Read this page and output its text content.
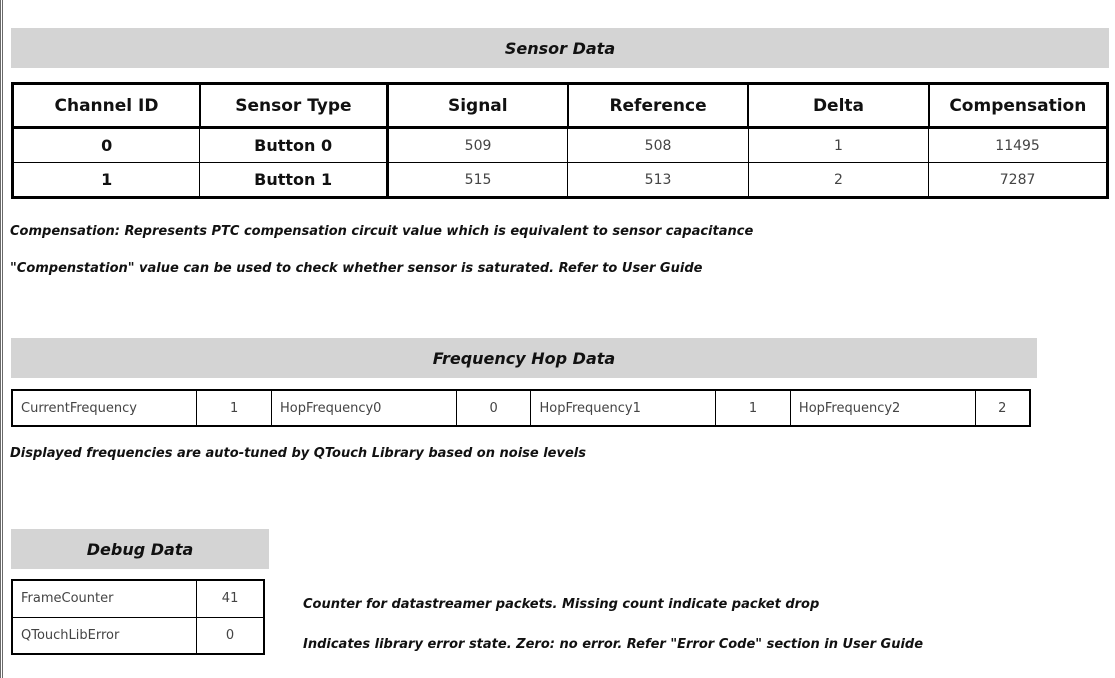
Sensor Data
Channel ID	Sensor Type	Signal	Reference	Delta	Compensation
0	Button 0	509	508	1	11495
1	Button 1	515	513	2	7287
Compensation: Represents PTC compensation circuit value which is equivalent to sensor capacitance
"Compenstation" value can be used to check whether sensor is saturated. Refer to User Guide
Frequency Hop Data
CurrentFrequency	1	HopFrequency0	0	HopFrequency1	1	HopFrequency2	2
Displayed frequencies are auto-tuned by QTouch Library based on noise levels
Debug Data
FrameCounter	41
QTouchLibError	0
Counter for datastreamer packets. Missing count indicate packet drop
Indicates library error state. Zero: no error. Refer "Error Code" section in User Guide
